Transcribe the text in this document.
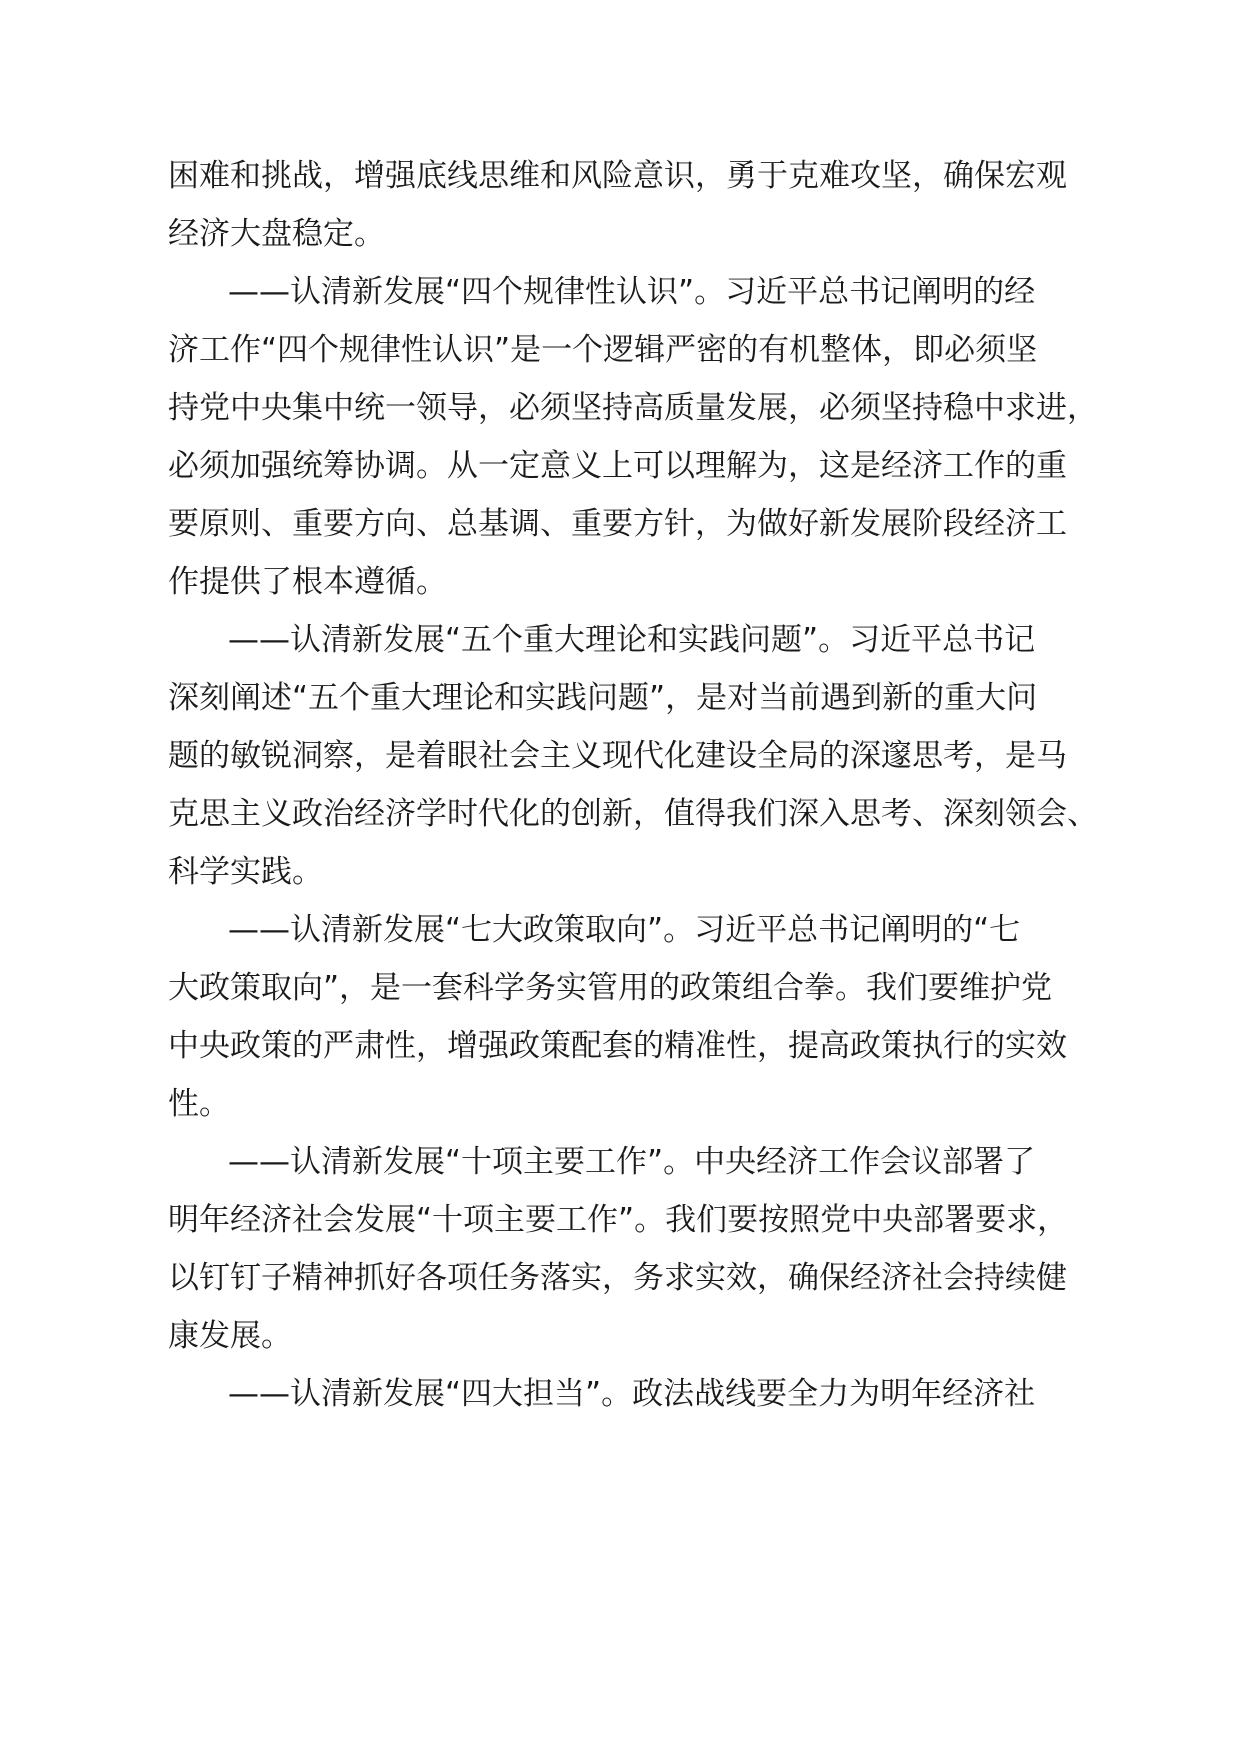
困难和挑战，增强底线思维和风险意识，勇于克难攻坚，确保宏观
经济大盘稳定。
——认清新发展“四个规律性认识”。习近平总书记阐明的经
济工作“四个规律性认识”是一个逻辑严密的有机整体，即必须坚
持党中央集中统一领导，必须坚持高质量发展，必须坚持稳中求进，
必须加强统筹协调。从一定意义上可以理解为，这是经济工作的重
要原则、重要方向、总基调、重要方针，为做好新发展阶段经济工
作提供了根本遵循。
——认清新发展“五个重大理论和实践问题”。习近平总书记
深刻阐述“五个重大理论和实践问题”，是对当前遇到新的重大问
题的敏锐洞察，是着眼社会主义现代化建设全局的深邃思考，是马
克思主义政治经济学时代化的创新，值得我们深入思考、深刻领会、
科学实践。
——认清新发展“七大政策取向”。习近平总书记阐明的“七
大政策取向”，是一套科学务实管用的政策组合拳。我们要维护党
中央政策的严肃性，增强政策配套的精准性，提高政策执行的实效
性。
——认清新发展“十项主要工作”。中央经济工作会议部署了
明年经济社会发展“十项主要工作”。我们要按照党中央部署要求，
以钉钉子精神抓好各项任务落实，务求实效，确保经济社会持续健
康发展。
——认清新发展“四大担当”。政法战线要全力为明年经济社
